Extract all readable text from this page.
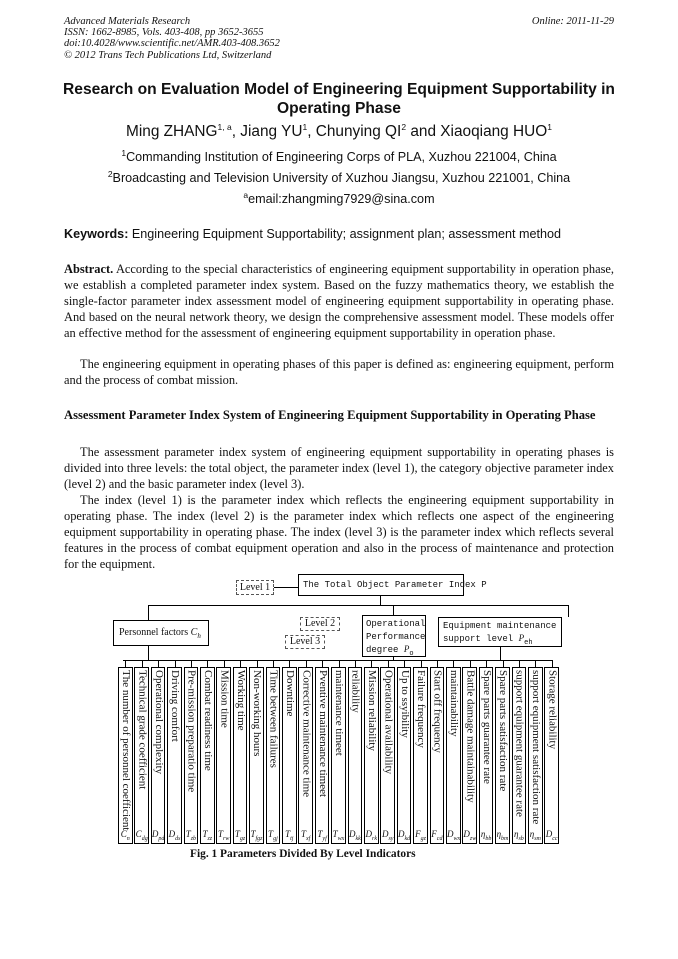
Advanced Materials Research
ISSN: 1662-8985, Vols. 403-408, pp 3652-3655
doi:10.4028/www.scientific.net/AMR.403-408.3652
© 2012 Trans Tech Publications Ltd, Switzerland
Online: 2011-11-29
Research on Evaluation Model of Engineering Equipment Supportability in Operating Phase
Ming ZHANG$^{1, a}$, Jiang $YU^1$, Chunying $QI^2$ and Xiaoqiang HUO$^1$
$^1$Commanding Institution of Engineering Corps of PLA, Xuzhou 221004, China
$^2$Broadcasting and Television University of Xuzhou Jiangsu, Xuzhou 221001, China
$^a$email:zhangming7929@sina.com
Keywords: Engineering Equipment Supportability; assignment plan; assessment method
Abstract. According to the special characteristics of engineering equipment supportability in operation phase, we establish a completed parameter index system. Based on the fuzzy mathematics theory, we establish the single-factor parameter index assessment model of engineering equipment supportability in operating phase. And based on the neural network theory, we design the comprehensive assessment model. These models offer an effective method for the assessment of engineering equipment supportability in operation phase.
The engineering equipment in operating phases of this paper is defined as: engineering equipment, perform and the process of combat mission.
Assessment Parameter Index System of Engineering Equipment Supportability in Operating Phase
The assessment parameter index system of engineering equipment supportability in operating phases is divided into three levels: the total object, the parameter index (level 1), the category objective parameter index (level 2) and the basic parameter index (level 3).
The index (level 1) is the parameter index which reflects the engineering equipment supportability in operating phase. The index (level 2) is the parameter index which reflects one aspect of the engineering equipment supportability in operating phase. The index (level 3) is the parameter index which reflects several features in the process of combat equipment operation and also in the process of maintenance and protection for the equipment.
Level 1	The Total Object Parameter Index P
Level 2
Level 3
Personnel factors $C_h$
Operational Performance degree $P_o$
Equipment maintenance support level $P_{eh}$
The number of personnel coefficient
$C_n$
Technical grade coefficient
$C_{dg}$
Operational complexity
$D_{pd}$
Driving comfort
$D_{ds}$
Pre-mission preparatio time
$T_{zb}$
Combat readiness time
$T_{zz}$
Mission time
$T_{rw}$
Working time
$T_{gz}$
Non-working hours
$T_{fgz}$
Time between failures
$T_{gj}$
Downtime
$T_{tj}$
Corrective maintenance time
$T_{xf}$
Pventive maintenance timeet
$T_{yf}$
maintenance timeet
$T_{wx}$
reliability
$D_{kk}$
Mission reliability
$D_{rk}$
Operational availability
$D_{sy}$
Up to ssyibility
$D_{kd}$
Failure frequency
$F_{gz}$
Start off frequency
$F_{cd}$
maintainability
$D_{wx}$
Battle damage maintainability
$D_{zw}$
Spare parts guarantee rate
$\eta_{bb}$
Spare parts satisfaction rate
$\eta_{bm}$
support equipment guarantee rate
$\eta_{sb}$
support equipment satisfaction rate
$\eta_{sm}$
Storage reliability
$D_{cc}$
Fig. 1 Parameters Divided By Level Indicators
